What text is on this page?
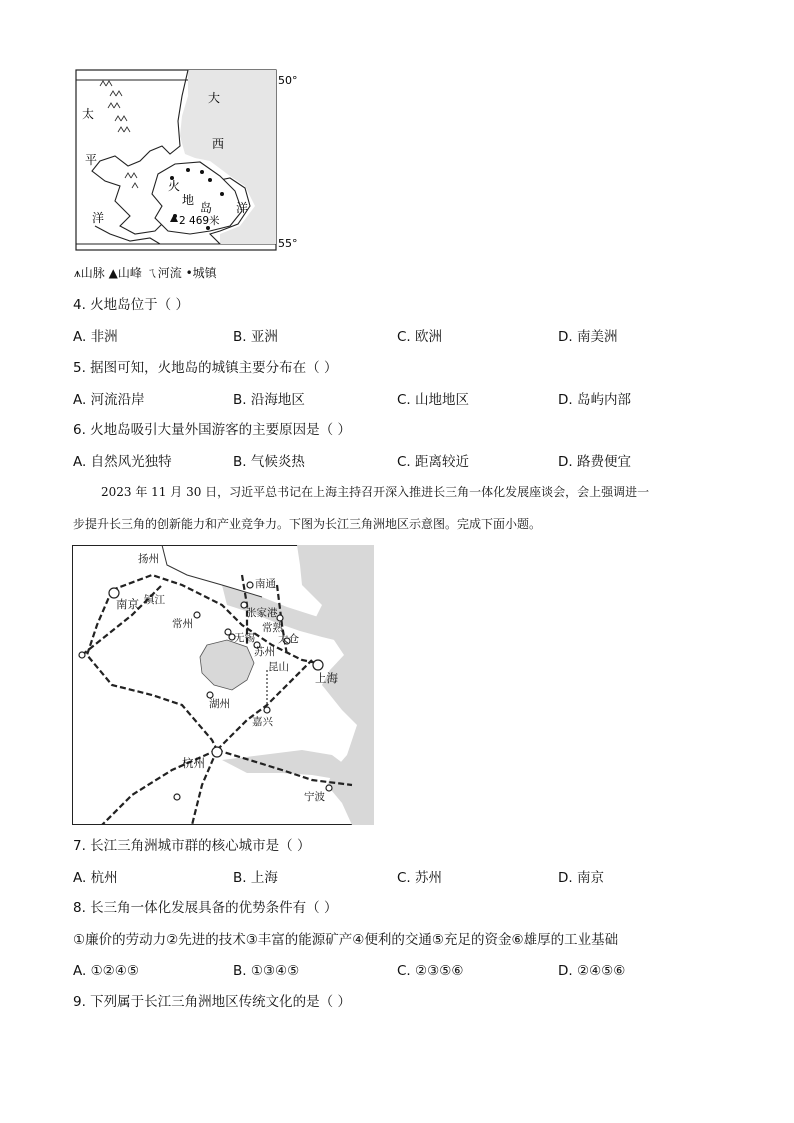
50°
55°
太
平
洋
大
西
洋
火
地
岛
2 469米
⩚山脉 ▲山峰 ㄟ河流 •城镇
4. 火地岛位于（ ）
A. 非洲	B. 亚洲	C. 欧洲	D. 南美洲
5. 据图可知，火地岛的城镇主要分布在（ ）
A. 河流沿岸	B. 沿海地区	C. 山地地区	D. 岛屿内部
6. 火地岛吸引大量外国游客的主要原因是（ ）
A. 自然风光独特	B. 气候炎热	C. 距离较近	D. 路费便宜
2023 年 11 月 30 日，习近平总书记在上海主持召开深入推进长三角一体化发展座谈会，会上强调进一
步提升长三角的创新能力和产业竞争力。下图为长江三角洲地区示意图。完成下面小题。
扬州
南京 镇江
南通
常州
张家港
常熟
无锡 太仓
苏州
昆山
上海
湖州
嘉兴
杭州
宁波
7. 长江三角洲城市群的核心城市是（ ）
A. 杭州	B. 上海	C. 苏州	D. 南京
8. 长三角一体化发展具备的优势条件有（ ）
①廉价的劳动力②先进的技术③丰富的能源矿产④便利的交通⑤充足的资金⑥雄厚的工业基础
A. ①②④⑤	B. ①③④⑤	C. ②③⑤⑥	D. ②④⑤⑥
9. 下列属于长江三角洲地区传统文化的是（ ）
